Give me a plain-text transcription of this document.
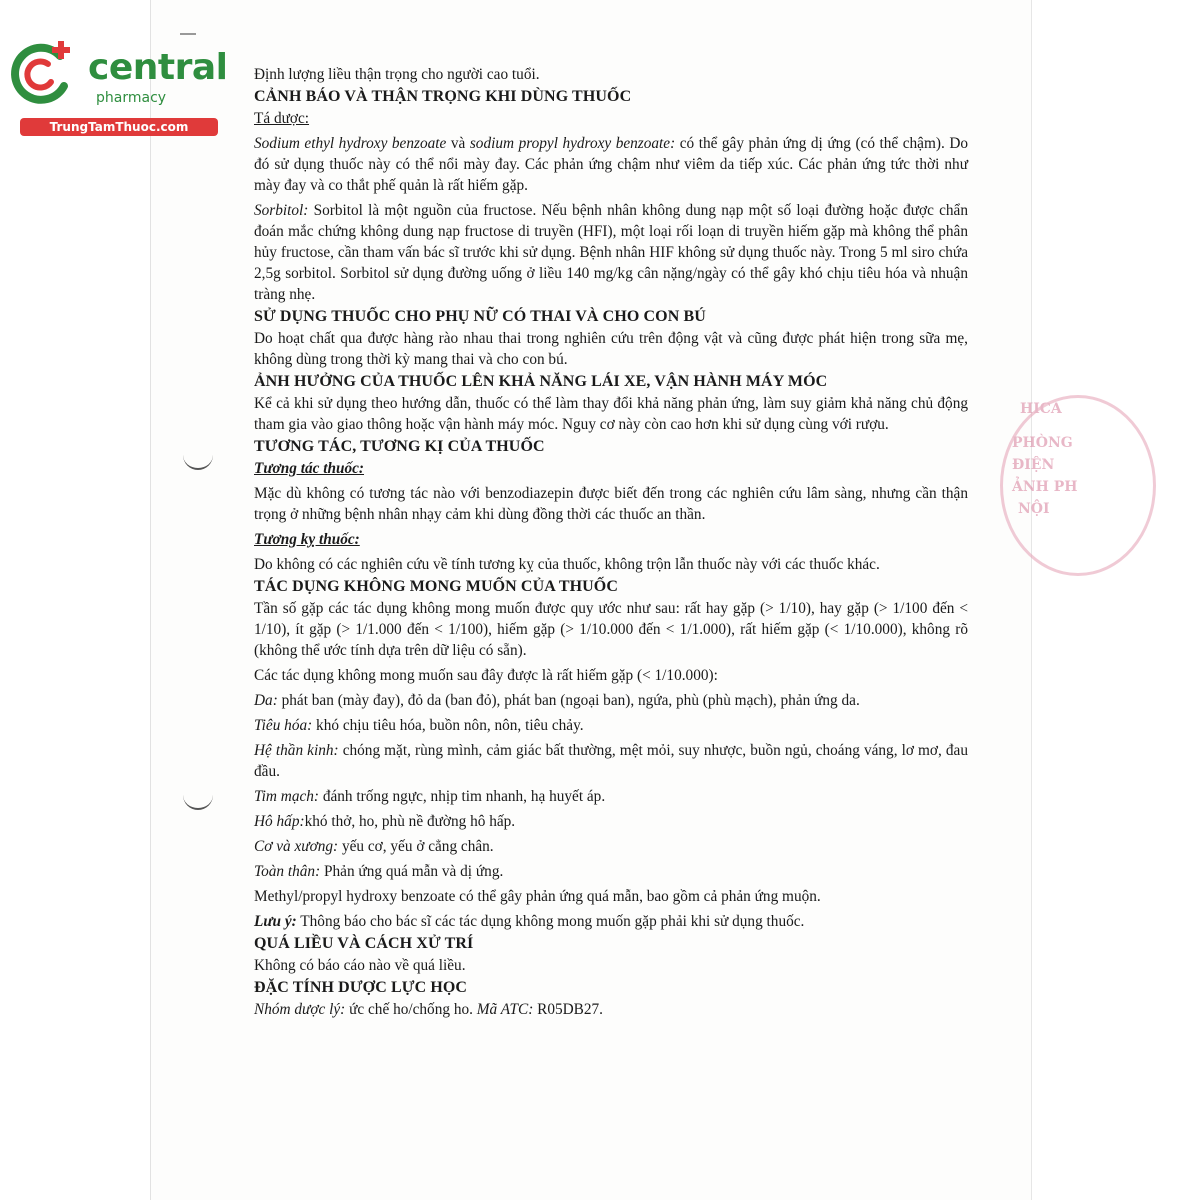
central
pharmacy
TrungTamThuoc.com
HICA
PHÒNG
ĐIỆN
ẢNH PH
NỘI

Định lượng liều thận trọng cho người cao tuổi.

CẢNH BÁO VÀ THẬN TRỌNG KHI DÙNG THUỐC

Tá dược:

Sodium ethyl hydroxy benzoate và sodium propyl hydroxy benzoate: có thể gây phản ứng dị ứng (có thể chậm). Do đó sử dụng thuốc này có thể nổi mày đay. Các phản ứng chậm như viêm da tiếp xúc. Các phản ứng tức thời như mày đay và co thắt phế quản là rất hiếm gặp.

Sorbitol: Sorbitol là một nguồn của fructose. Nếu bệnh nhân không dung nạp một số loại đường hoặc được chẩn đoán mắc chứng không dung nạp fructose di truyền (HFI), một loại rối loạn di truyền hiếm gặp mà không thể phân hủy fructose, cần tham vấn bác sĩ trước khi sử dụng. Bệnh nhân HIF không sử dụng thuốc này. Trong 5 ml siro chứa 2,5g sorbitol. Sorbitol sử dụng đường uống ở liều 140 mg/kg cân nặng/ngày có thể gây khó chịu tiêu hóa và nhuận tràng nhẹ.

SỬ DỤNG THUỐC CHO PHỤ NỮ CÓ THAI VÀ CHO CON BÚ

Do hoạt chất qua được hàng rào nhau thai trong nghiên cứu trên động vật và cũng được phát hiện trong sữa mẹ, không dùng trong thời kỳ mang thai và cho con bú.

ẢNH HƯỞNG CỦA THUỐC LÊN KHẢ NĂNG LÁI XE, VẬN HÀNH MÁY MÓC

Kể cả khi sử dụng theo hướng dẫn, thuốc có thể làm thay đổi khả năng phản ứng, làm suy giảm khả năng chủ động tham gia vào giao thông hoặc vận hành máy móc. Nguy cơ này còn cao hơn khi sử dụng cùng với rượu.

TƯƠNG TÁC, TƯƠNG KỊ CỦA THUỐC

Tương tác thuốc:

Mặc dù không có tương tác nào với benzodiazepin được biết đến trong các nghiên cứu lâm sàng, nhưng cần thận trọng ở những bệnh nhân nhạy cảm khi dùng đồng thời các thuốc an thần.

Tương kỵ thuốc:

Do không có các nghiên cứu về tính tương kỵ của thuốc, không trộn lẫn thuốc này với các thuốc khác.

TÁC DỤNG KHÔNG MONG MUỐN CỦA THUỐC

Tần số gặp các tác dụng không mong muốn được quy ước như sau: rất hay gặp (> 1/10), hay gặp (> 1/100 đến < 1/10), ít gặp (> 1/1.000 đến < 1/100), hiếm gặp (> 1/10.000 đến < 1/1.000), rất hiếm gặp (< 1/10.000), không rõ (không thể ước tính dựa trên dữ liệu có sẵn).

Các tác dụng không mong muốn sau đây được là rất hiếm gặp (< 1/10.000):

Da: phát ban (mày đay), đỏ da (ban đỏ), phát ban (ngoại ban), ngứa, phù (phù mạch), phản ứng da.

Tiêu hóa: khó chịu tiêu hóa, buồn nôn, nôn, tiêu chảy.

Hệ thần kinh: chóng mặt, rùng mình, cảm giác bất thường, mệt mỏi, suy nhược, buồn ngủ, choáng váng, lơ mơ, đau đầu.

Tim mạch: đánh trống ngực, nhịp tim nhanh, hạ huyết áp.

Hô hấp:khó thở, ho, phù nề đường hô hấp.

Cơ và xương: yếu cơ, yếu ở cẳng chân.

Toàn thân: Phản ứng quá mẫn và dị ứng.

Methyl/propyl hydroxy benzoate có thể gây phản ứng quá mẫn, bao gồm cả phản ứng muộn.

Lưu ý: Thông báo cho bác sĩ các tác dụng không mong muốn gặp phải khi sử dụng thuốc.

QUÁ LIỀU VÀ CÁCH XỬ TRÍ

Không có báo cáo nào về quá liều.

ĐẶC TÍNH DƯỢC LỰC HỌC

Nhóm dược lý: ức chế ho/chống ho. Mã ATC: R05DB27.
